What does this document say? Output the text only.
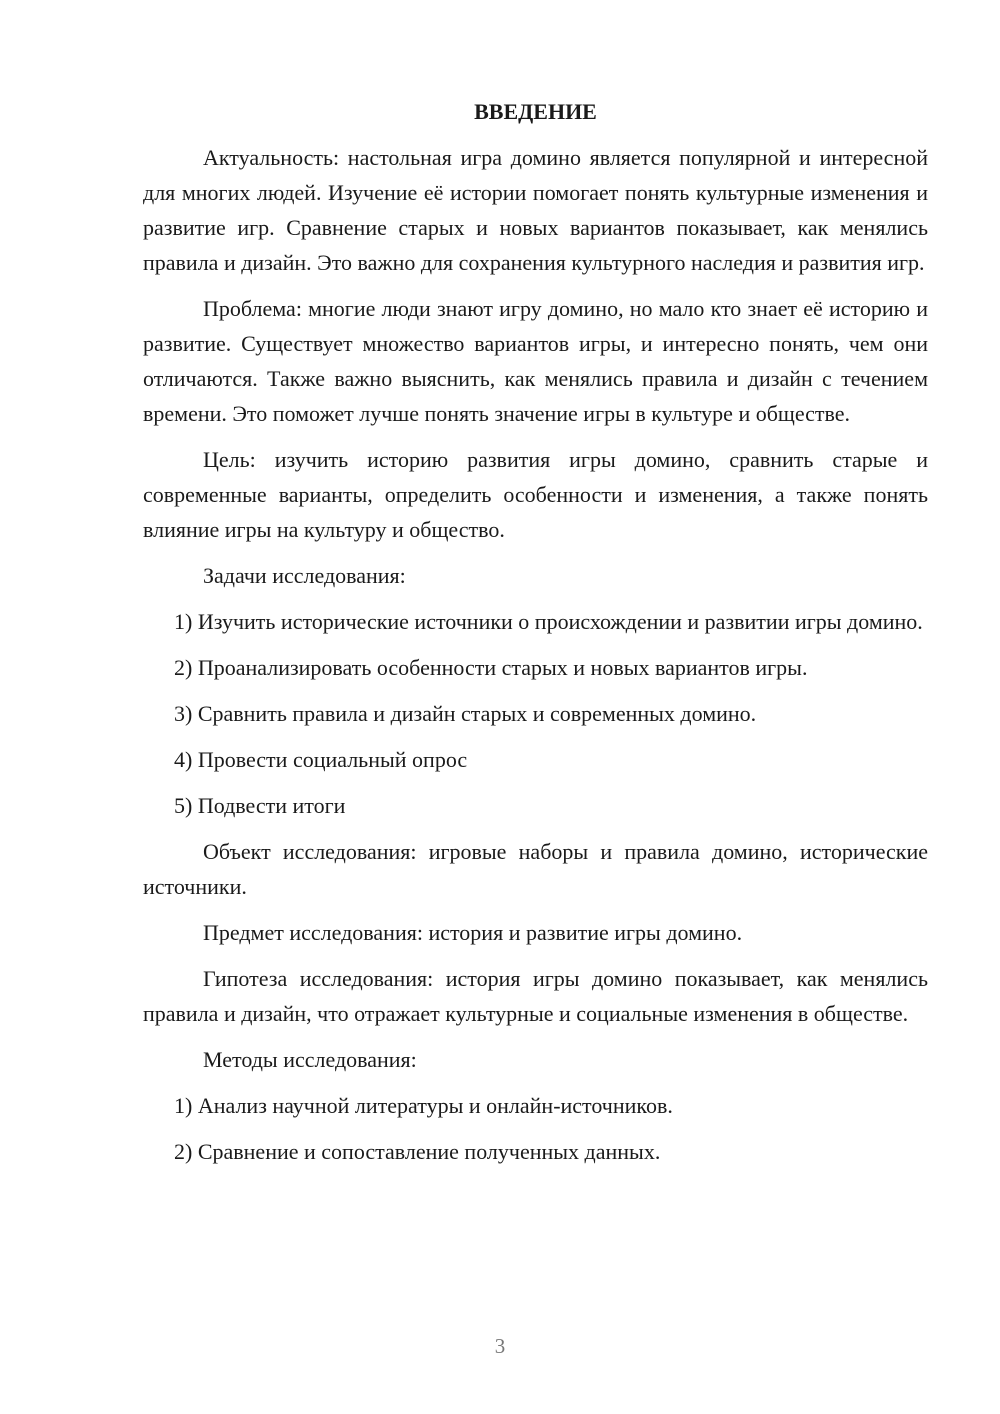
ВВЕДЕНИЕ

Актуальность: настольная игра домино является популярной и интересной для многих людей. Изучение её истории помогает понять культурные изменения и развитие игр. Сравнение старых и новых вариантов показывает, как менялись правила и дизайн. Это важно для сохранения культурного наследия и развития игр.

Проблема: многие люди знают игру домино, но мало кто знает её историю и развитие. Существует множество вариантов игры, и интересно понять, чем они отличаются. Также важно выяснить, как менялись правила и дизайн с течением времени. Это поможет лучше понять значение игры в культуре и обществе.

Цель: изучить историю развития игры домино, сравнить старые и современные варианты, определить особенности и изменения, а также понять влияние игры на культуру и общество.

Задачи исследования:

1) Изучить исторические источники о происхождении и развитии игры домино.

2) Проанализировать особенности старых и новых вариантов игры.

3) Сравнить правила и дизайн старых и современных домино.

4) Провести социальный опрос

5) Подвести итоги

Объект исследования: игровые наборы и правила домино, исторические источники.

Предмет исследования: история и развитие игры домино.

Гипотеза исследования: история игры домино показывает, как менялись правила и дизайн, что отражает культурные и социальные изменения в обществе.

Методы исследования:

1) Анализ научной литературы и онлайн-источников.

2) Сравнение и сопоставление полученных данных.

3
